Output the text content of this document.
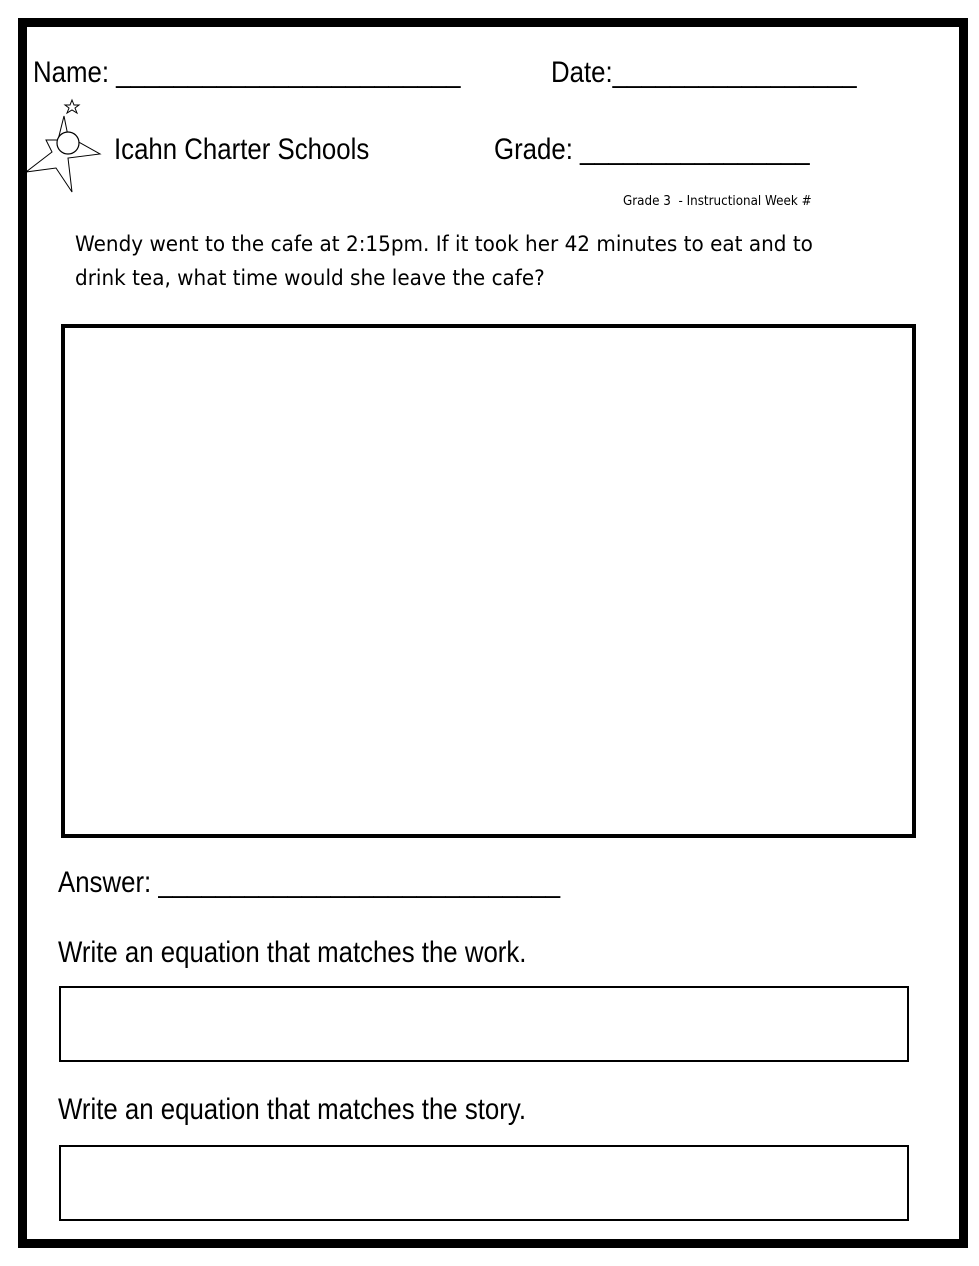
Name: ________________________	Date:_________________
Icahn Charter Schools	Grade: ________________
Grade 3  - Instructional Week #
Wendy went to the cafe at 2:15pm. If it took her 42 minutes to eat and to drink tea, what time would she leave the cafe?
Answer: ____________________________
Write an equation that matches the work.
Write an equation that matches the story.
